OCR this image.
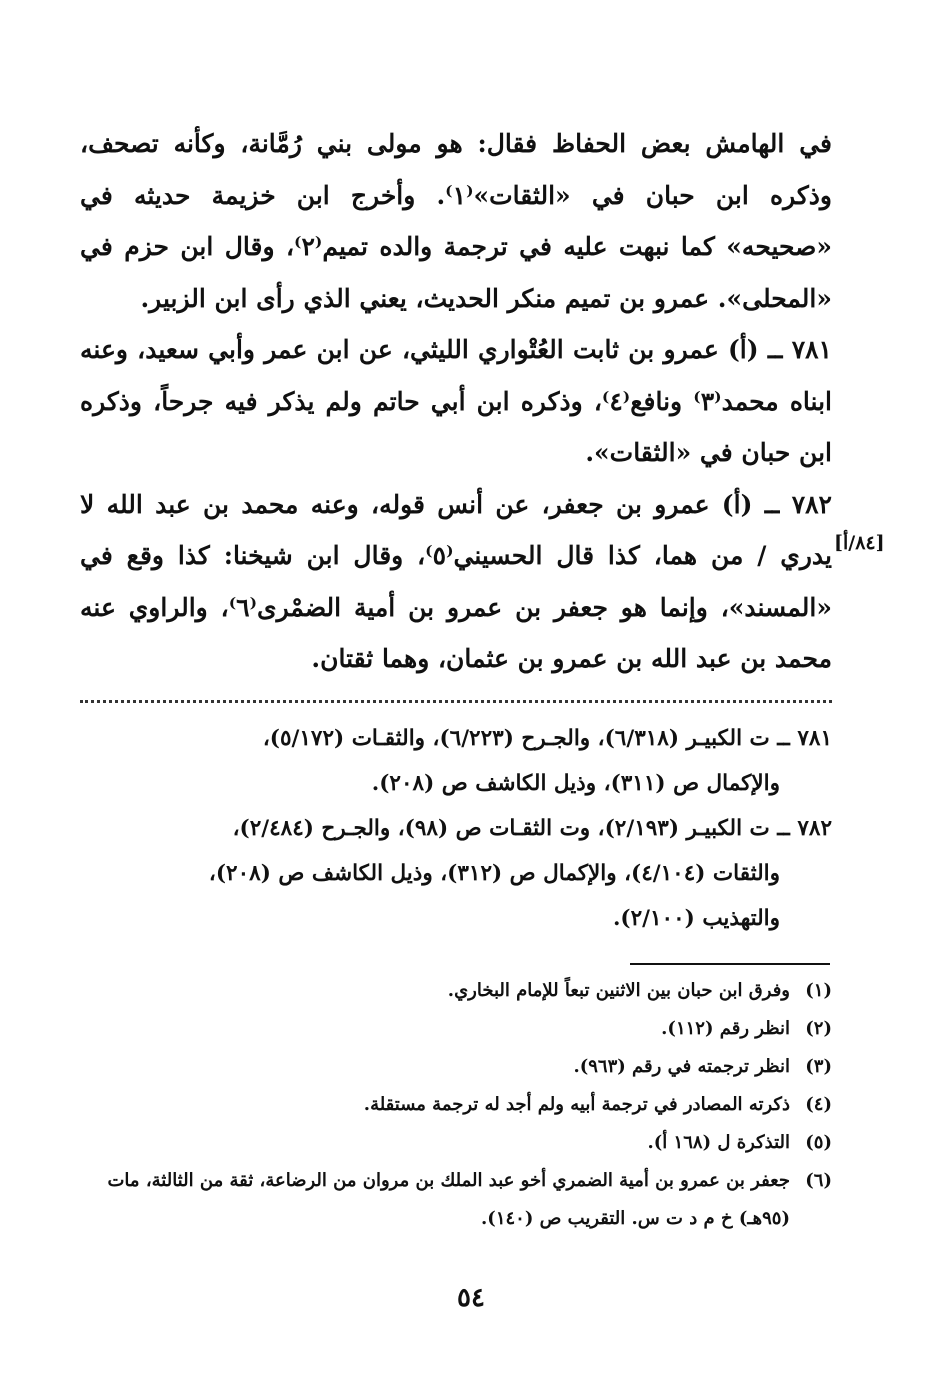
في الهامش بعض الحفاظ فقال: هو مولى بني رُمَّانة، وكأنه تصحف، وذكره ابن حبان في «الثقات»⁽١⁾. وأخرج ابن خزيمة حديثه في «صحيحه» كما نبهت عليه في ترجمة والده تميم⁽٢⁾، وقال ابن حزم في «المحلى». عمرو بن تميم منكر الحديث، يعني الذي رأى ابن الزبير.

٧٨١ ــ (أ) عمرو بن ثابت العُتْواري الليثي، عن ابن عمر وأبي سعيد، وعنه ابناه محمد⁽٣⁾ ونافع⁽٤⁾، وذكره ابن أبي حاتم ولم يذكر فيه جرحاً، وذكره ابن حبان في «الثقات».

٧٨٢ ــ (أ) عمرو بن جعفر، عن أنس قوله، وعنه محمد بن عبد الله لا يدري / من هما، كذا قال الحسيني⁽٥⁾، وقال ابن شيخنا: كذا وقع في «المسند»، وإنما هو جعفر بن عمرو بن أمية الضمْرى⁽٦⁾، والراوي عنه محمد بن عبد الله بن عمرو بن عثمان، وهما ثقتان.

[٨٤/أ]
٧٨١ ــ ت الكبيـر (٦/٣١٨)، والجـرح (٦/٢٢٣)، والثقـات (٥/١٧٢)،
والإكمال ص (٣١١)، وذيل الكاشف ص (٢٠٨).
٧٨٢ ــ ت الكبيـر (٢/١٩٣)، وت الثقـات ص (٩٨)، والجـرح (٢/٤٨٤)،
والثقات (٤/١٠٤)، والإكمال ص (٣١٢)، وذيل الكاشف ص (٢٠٨)،
والتهذيب (٢/١٠٠).

(١)
وفرق ابن حبان بين الاثنين تبعاً للإمام البخاري.

(٢)
انظر رقم (١١٢).

(٣)
انظر ترجمته في رقم (٩٦٣).

(٤)
ذكرته المصادر في ترجمة أبيه ولم أجد له ترجمة مستقلة.

(٥)
التذكرة ل (١٦٨ أ).

(٦)
جعفر بن عمرو بن أمية الضمري أخو عبد الملك بن مروان من الرضاعة، ثقة من الثالثة، مات (٩٥هـ) خ م د ت س. التقريب ص (١٤٠).

٥٤
